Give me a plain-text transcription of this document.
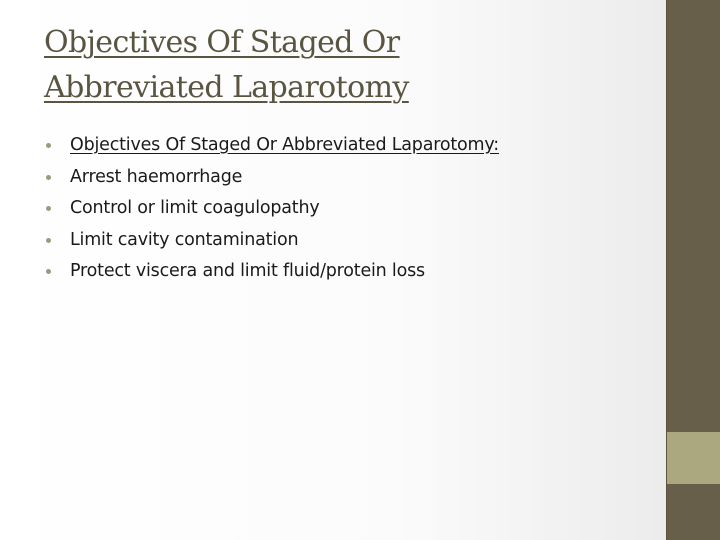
Objectives Of Staged Or
Abbreviated Laparotomy
Objectives Of Staged Or Abbreviated Laparotomy:
Arrest haemorrhage
Control or limit coagulopathy
Limit cavity contamination
Protect viscera and limit fluid/protein loss
